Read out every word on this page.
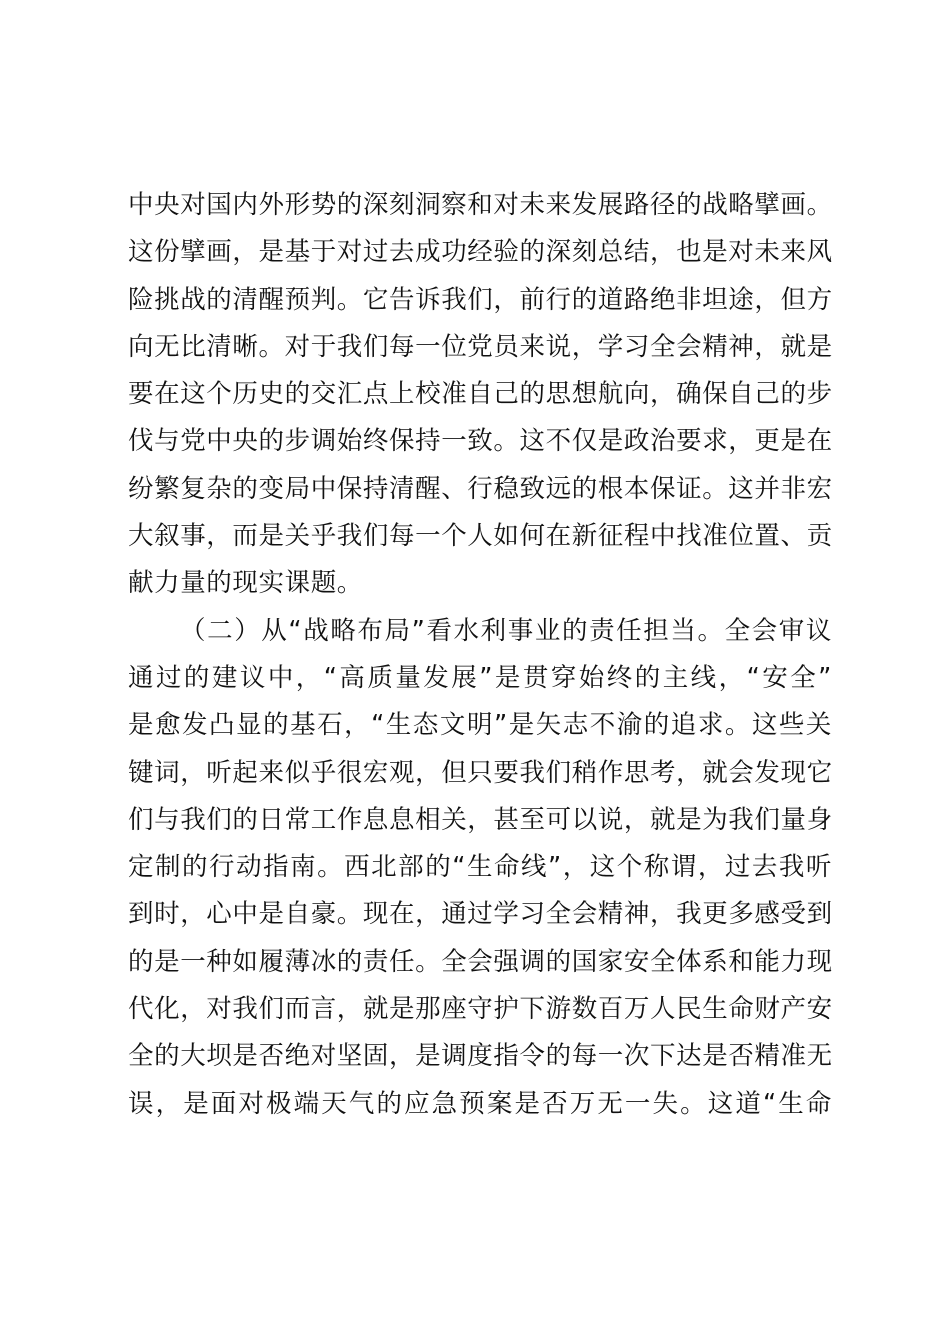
中央对国内外形势的深刻洞察和对未来发展路径的战略擘画。
这份擘画，是基于对过去成功经验的深刻总结，也是对未来风
险挑战的清醒预判。它告诉我们，前行的道路绝非坦途，但方
向无比清晰。对于我们每一位党员来说，学习全会精神，就是
要在这个历史的交汇点上校准自己的思想航向，确保自己的步
伐与党中央的步调始终保持一致。这不仅是政治要求，更是在
纷繁复杂的变局中保持清醒、行稳致远的根本保证。这并非宏
大叙事，而是关乎我们每一个人如何在新征程中找准位置、贡
献力量的现实课题。
（二）从“战略布局”看水利事业的责任担当。全会审议
通过的建议中，“高质量发展”是贯穿始终的主线，“安全”
是愈发凸显的基石，“生态文明”是矢志不渝的追求。这些关
键词，听起来似乎很宏观，但只要我们稍作思考，就会发现它
们与我们的日常工作息息相关，甚至可以说，就是为我们量身
定制的行动指南。西北部的“生命线”，这个称谓，过去我听
到时，心中是自豪。现在，通过学习全会精神，我更多感受到
的是一种如履薄冰的责任。全会强调的国家安全体系和能力现
代化，对我们而言，就是那座守护下游数百万人民生命财产安
全的大坝是否绝对坚固，是调度指令的每一次下达是否精准无
误，是面对极端天气的应急预案是否万无一失。这道“生命
